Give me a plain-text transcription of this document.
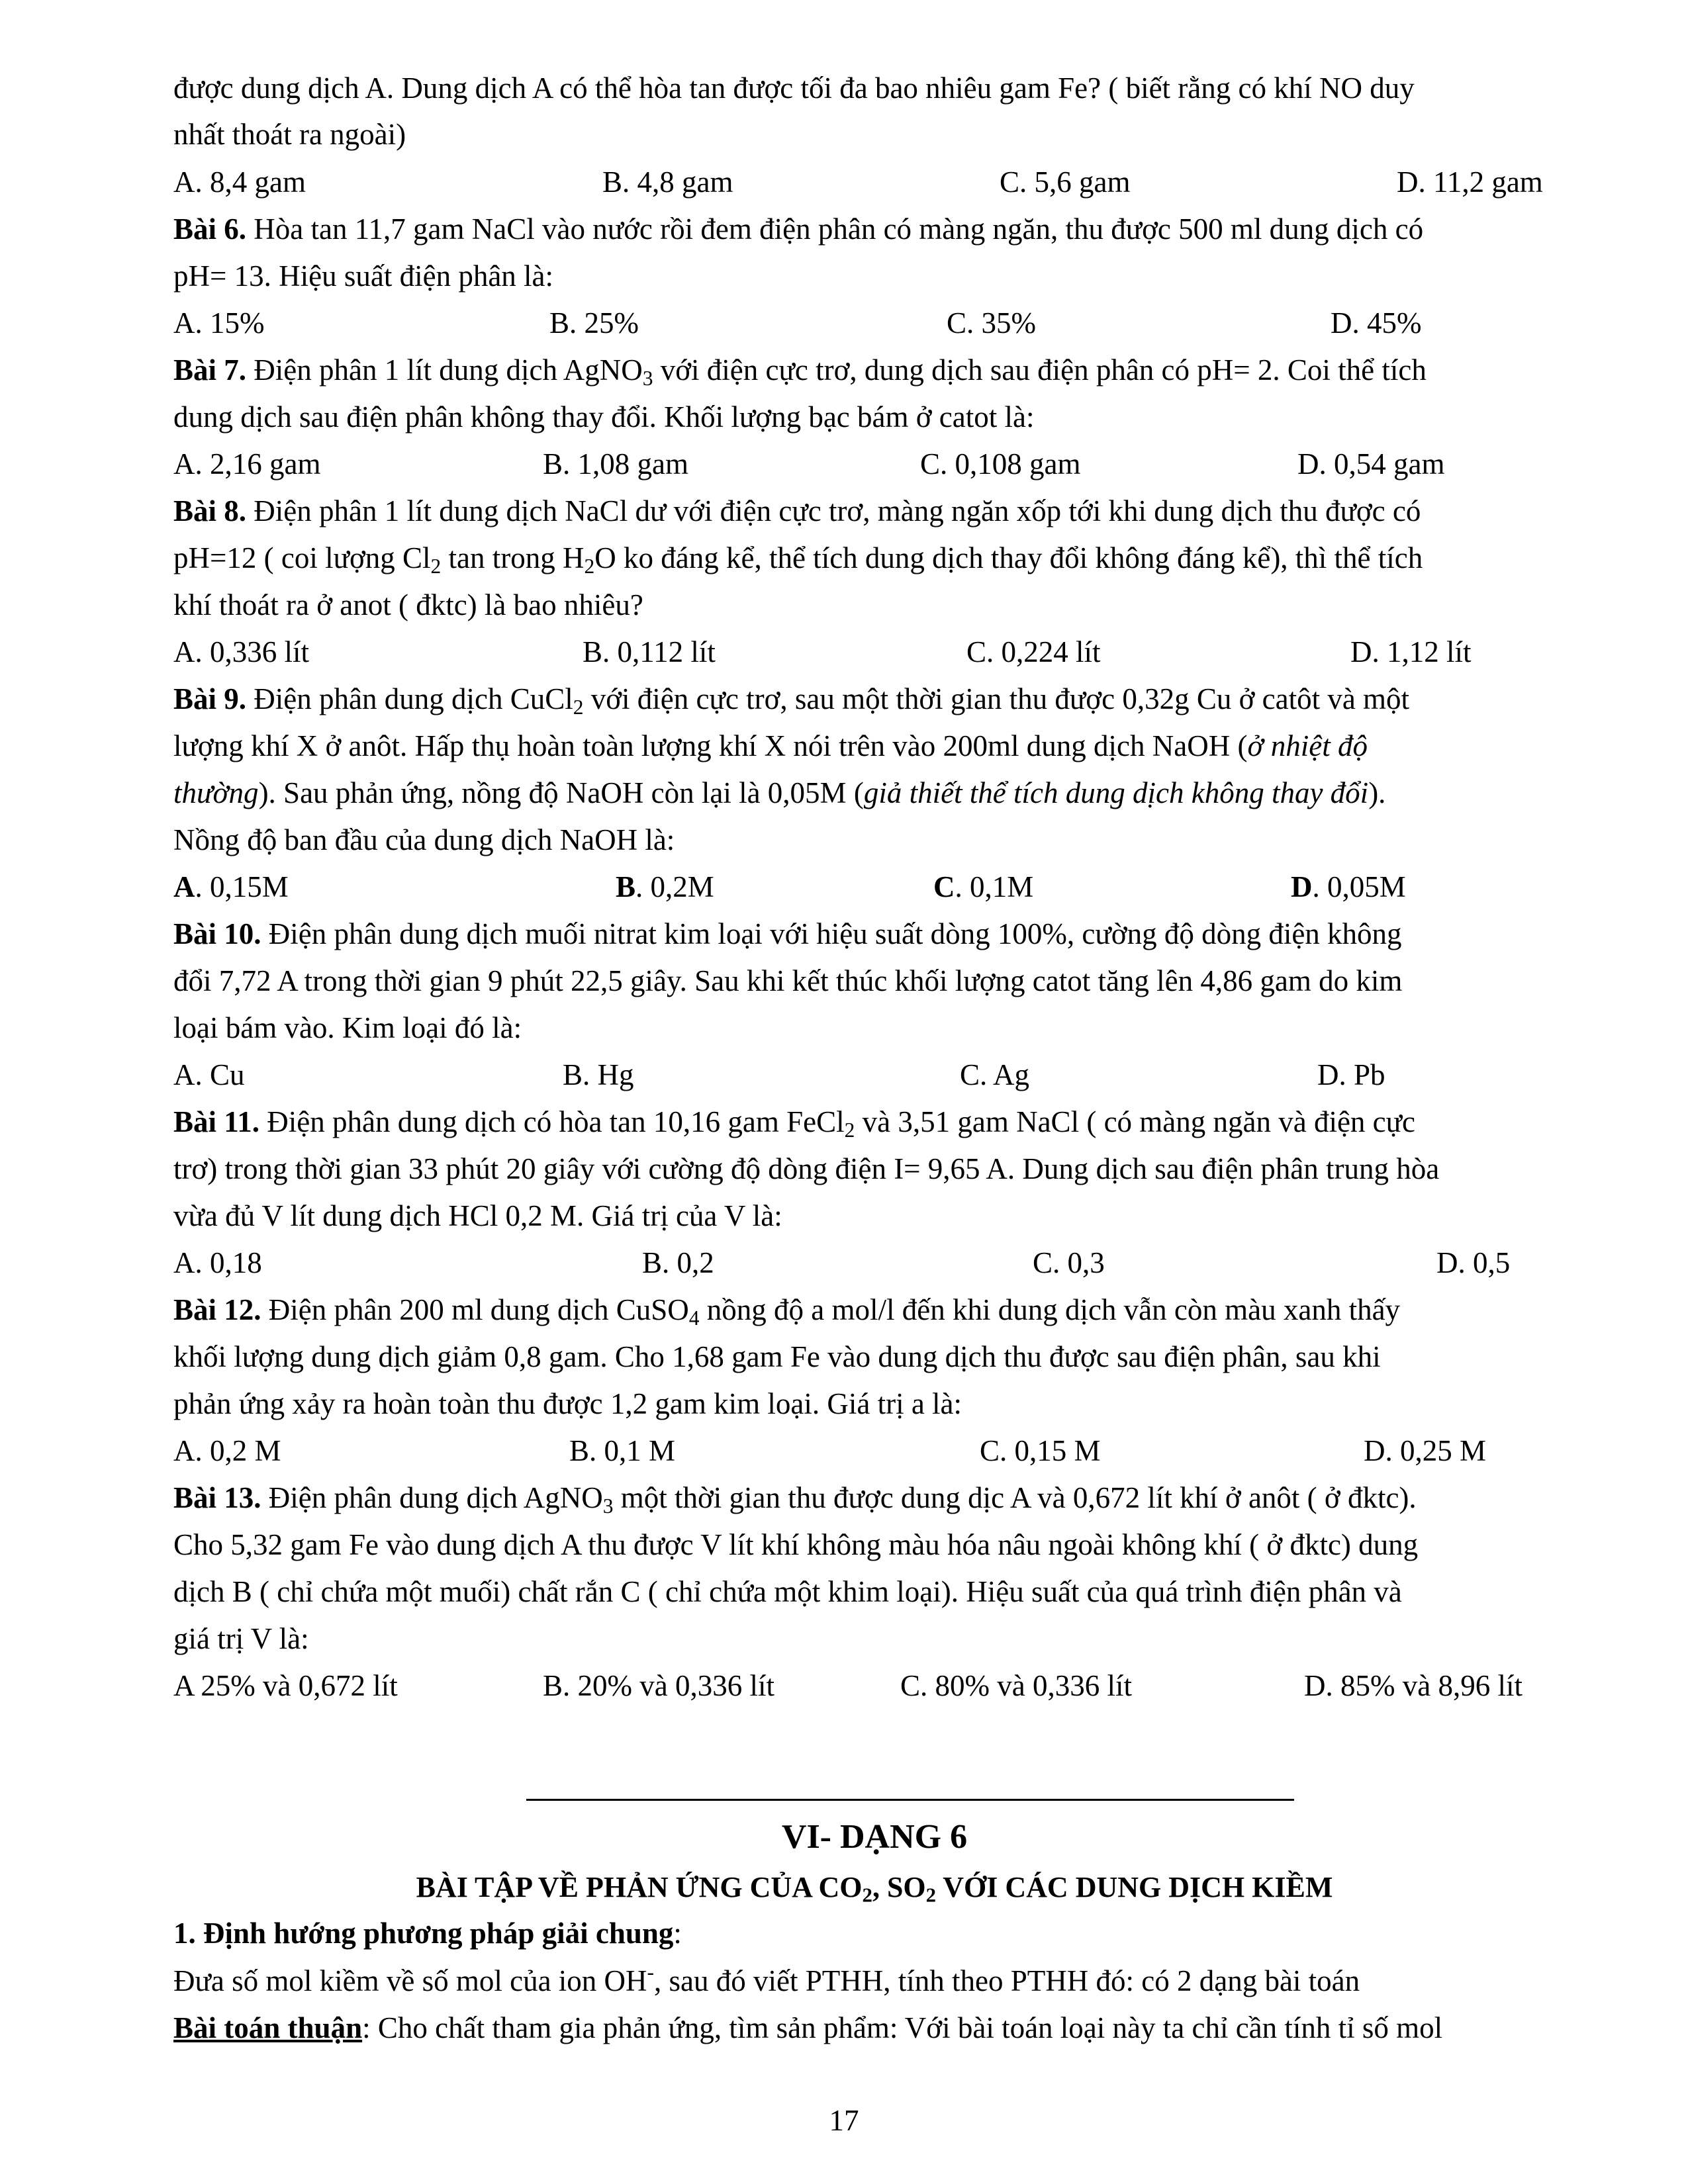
được dung dịch A. Dung dịch A có thể hòa tan được tối đa bao nhiêu gam Fe? ( biết rằng có khí NO duy
nhất thoát ra ngoài)
A. 8,4 gam	B. 4,8 gam	C. 5,6 gam	D. 11,2 gam
Bài 6. Hòa tan 11,7 gam NaCl vào nước rồi đem điện phân có màng ngăn, thu được 500 ml dung dịch có
pH= 13. Hiệu suất điện phân là:
A. 15%	B. 25%	C. 35%	D. 45%
Bài 7. Điện phân 1 lít dung dịch AgNO$_3$ với điện cực trơ, dung dịch sau điện phân có pH= 2. Coi thể tích
dung dịch sau điện phân không thay đổi. Khối lượng bạc bám ở catot là:
A. 2,16 gam	B. 1,08 gam	C. 0,108 gam	D. 0,54 gam
Bài 8. Điện phân 1 lít dung dịch NaCl dư với điện cực trơ, màng ngăn xốp tới khi dung dịch thu được có
pH=12 ( coi lượng $Cl_2$ tan trong $H_2O$ ko đáng kể, thể tích dung dịch thay đổi không đáng kể), thì thể tích
khí thoát ra ở anot ( đktc) là bao nhiêu?
A. 0,336 lít	B. 0,112 lít	C. 0,224 lít	D. 1,12 lít
Bài 9. Điện phân dung dịch CuCl$_2$ với điện cực trơ, sau một thời gian thu được 0,32g Cu ở catôt và một
lượng khí X ở anôt. Hấp thụ hoàn toàn lượng khí X nói trên vào 200ml dung dịch NaOH (ở nhiệt độ
thường). Sau phản ứng, nồng độ NaOH còn lại là 0,05M (giả thiết thể tích dung dịch không thay đổi).
Nồng độ ban đầu của dung dịch NaOH là:
A. 0,15M	B. 0,2M	C. 0,1M	D. 0,05M
Bài 10. Điện phân dung dịch muối nitrat kim loại với hiệu suất dòng 100%, cường độ dòng điện không
đổi 7,72 A trong thời gian 9 phút 22,5 giây. Sau khi kết thúc khối lượng catot tăng lên 4,86 gam do kim
loại bám vào. Kim loại đó là:
A. Cu	B. Hg	C. Ag	D. Pb
Bài 11. Điện phân dung dịch có hòa tan 10,16 gam FeCl$_2$ và 3,51 gam NaCl ( có màng ngăn và điện cực
trơ) trong thời gian 33 phút 20 giây với cường độ dòng điện I= 9,65 A. Dung dịch sau điện phân trung hòa
vừa đủ V lít dung dịch HCl 0,2 M. Giá trị của V là:
A. 0,18	B. 0,2	C. 0,3	D. 0,5
Bài 12. Điện phân 200 ml dung dịch CuSO$_4$ nồng độ a mol/l đến khi dung dịch vẫn còn màu xanh thấy
khối lượng dung dịch giảm 0,8 gam. Cho 1,68 gam Fe vào dung dịch thu được sau điện phân, sau khi
phản ứng xảy ra hoàn toàn thu được 1,2 gam kim loại. Giá trị a là:
A. 0,2 M	B. 0,1 M	C. 0,15 M	D. 0,25 M
Bài 13. Điện phân dung dịch AgNO$_3$ một thời gian thu được dung dịc A và 0,672 lít khí ở anôt ( ở đktc).
Cho 5,32 gam Fe vào dung dịch A thu được V lít khí không màu hóa nâu ngoài không khí ( ở đktc) dung
dịch B ( chỉ chứa một muối) chất rắn C ( chỉ chứa một khim loại). Hiệu suất của quá trình điện phân và
giá trị V là:
A 25% và 0,672 lít	B. 20% và 0,336 lít	C. 80% và 0,336 lít	D. 85% và 8,96 lít
VI- DẠNG 6
BÀI TẬP VỀ PHẢN ỨNG CỦA $CO_2$, $SO_2$ VỚI CÁC DUNG DỊCH KIỀM
1. Định hướng phương pháp giải chung:
Đưa số mol kiềm về số mol của ion OH-, sau đó viết PTHH, tính theo PTHH đó: có 2 dạng bài toán
Bài toán thuận: Cho chất tham gia phản ứng, tìm sản phẩm: Với bài toán loại này ta chỉ cần tính tỉ số mol
17
